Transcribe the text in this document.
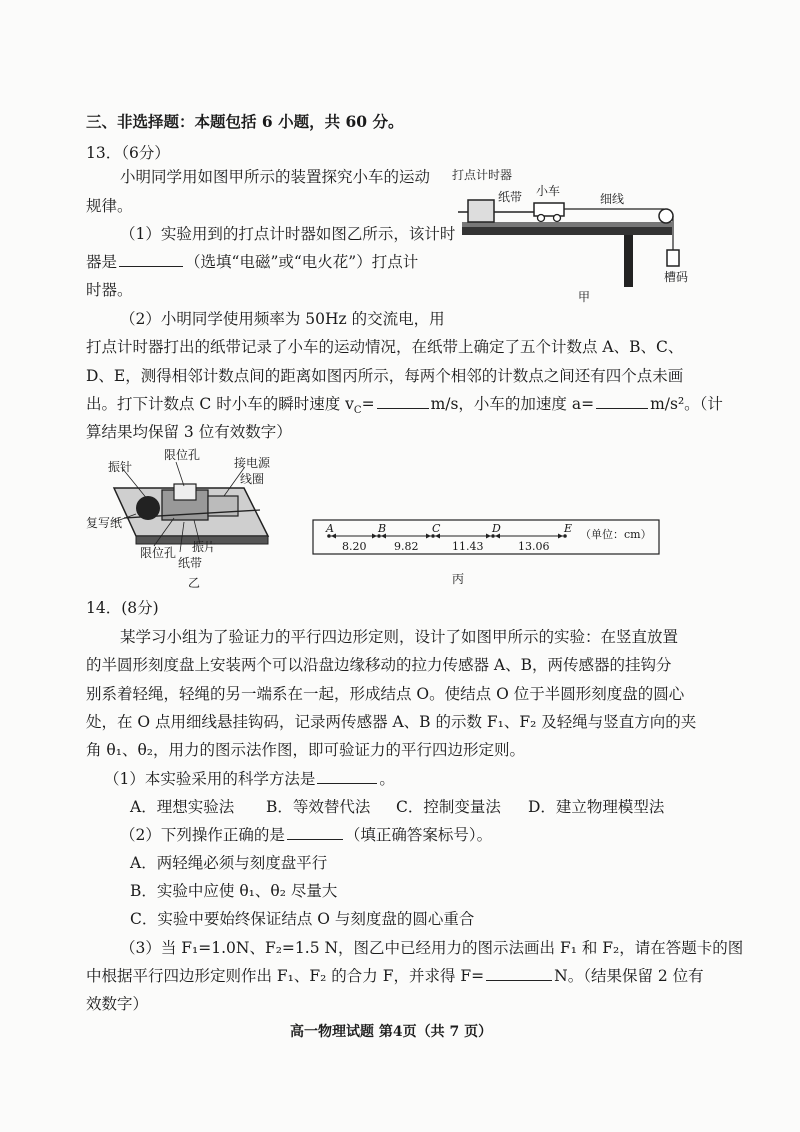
三、非选择题：本题包括 6 小题，共 60 分。
13．（6分）
小明同学用如图甲所示的装置探究小车的运动
规律。
（1）实验用到的打点计时器如图乙所示，该计时
器是	（选填“电磁”或“电火花”）打点计
时器。
（2）小明同学使用频率为 50Hz 的交流电，用
打点计时器打出的纸带记录了小车的运动情况，在纸带上确定了五个计数点 A、B、C、
D、E，测得相邻计数点间的距离如图丙所示，每两个相邻的计数点之间还有四个点未画
出。打下计数点 C 时小车的瞬时速度 $v_C=$	m/s，小车的加速度 a=	m/s²。（计
算结果均保留 3 位有效数字）
打点计时器
纸带 小车
细线
槽码
甲
振针
限位孔
接电源
线圈
复写纸
限位孔 振片
纸带
乙
A	B	C	D	E
8.20	9.82	11.43	13.06
（单位：cm）
丙
14．(8分)
某学习小组为了验证力的平行四边形定则，设计了如图甲所示的实验：在竖直放置
的半圆形刻度盘上安装两个可以沿盘边缘移动的拉力传感器 A、B，两传感器的挂钩分
别系着轻绳，轻绳的另一端系在一起，形成结点 O。使结点 O 位于半圆形刻度盘的圆心
处，在 O 点用细线悬挂钩码，记录两传感器 A、B 的示数 F₁、F₂ 及轻绳与竖直方向的夹
角 θ₁、θ₂，用力的图示法作图，即可验证力的平行四边形定则。
（1）本实验采用的科学方法是	。
A．理想实验法 B．等效替代法 C．控制变量法 D．建立物理模型法
（2）下列操作正确的是	（填正确答案标号）。
A．两轻绳必须与刻度盘平行
B．实验中应使 θ₁、θ₂ 尽量大
C．实验中要始终保证结点 O 与刻度盘的圆心重合
（3）当 F₁=1.0N、F₂=1.5 N，图乙中已经用力的图示法画出 F₁ 和 F₂，请在答题卡的图
中根据平行四边形定则作出 F₁、F₂ 的合力 F，并求得 F=	N。（结果保留 2 位有
效数字）
高一物理试题 第4页（共 7 页）
